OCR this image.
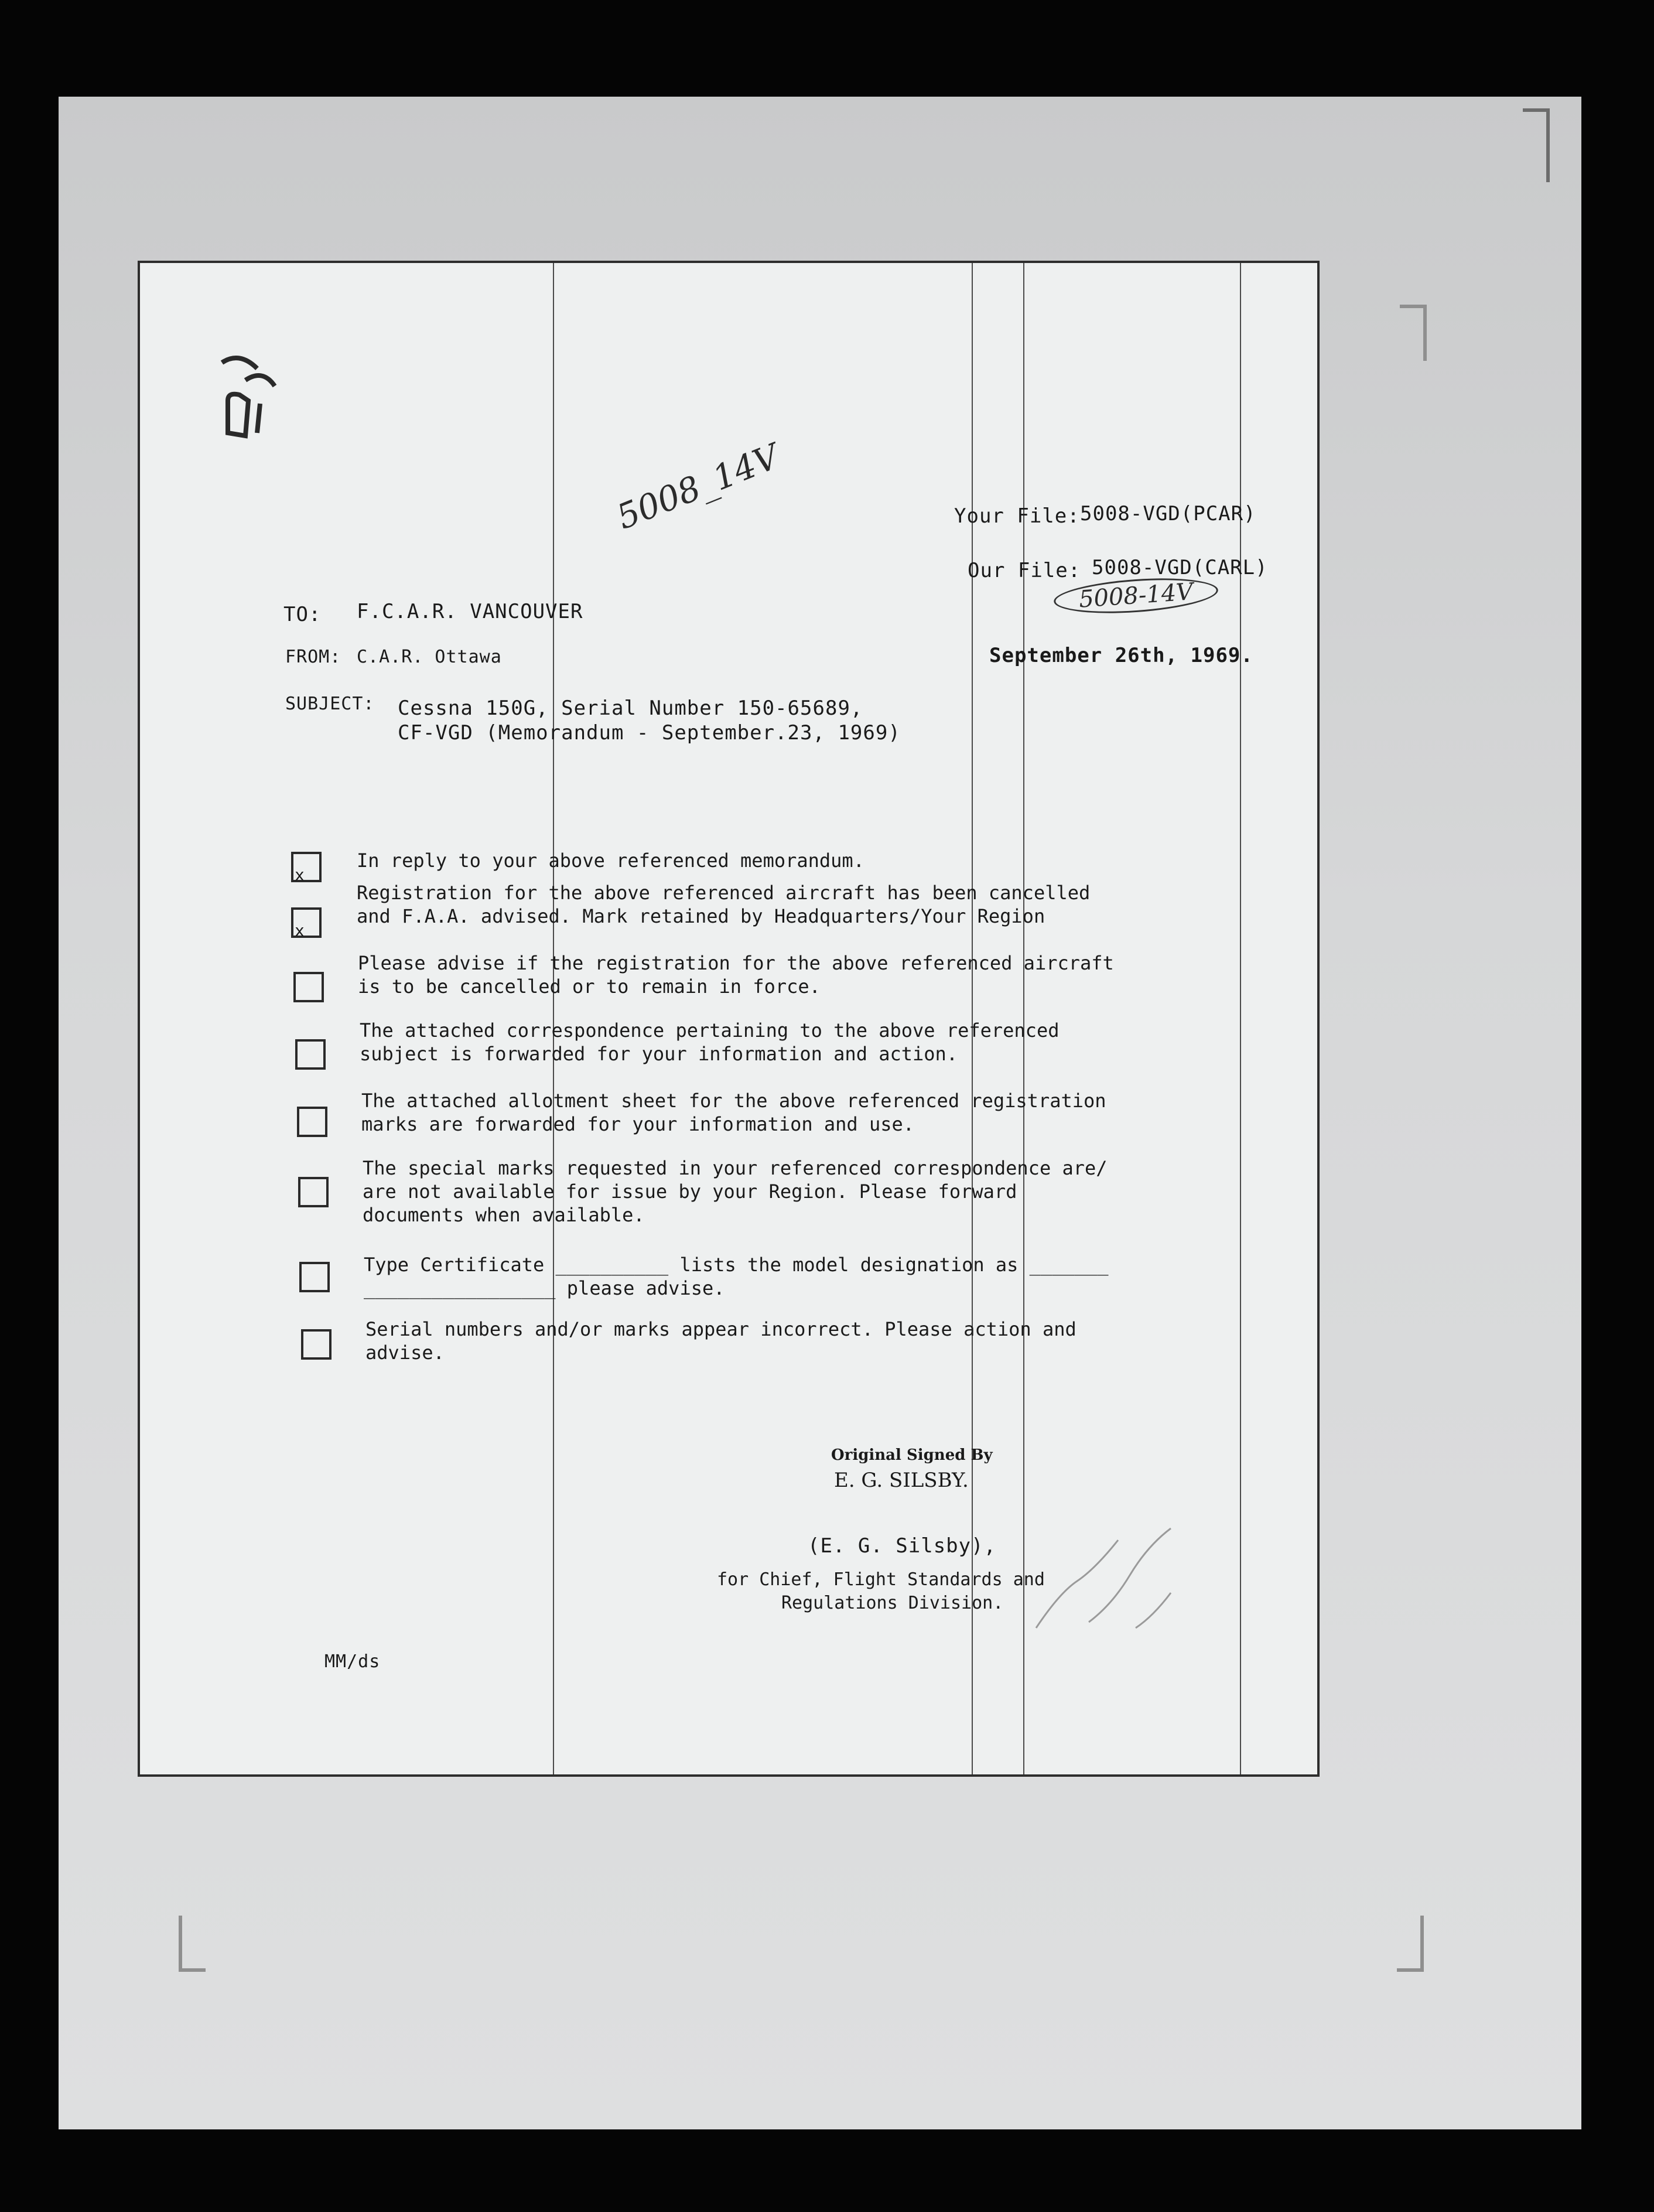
5008_14V	Your File: 5008-VGD(PCAR)
Our File: 5008-VGD(CARL)
5008-14V
TO: F.C.A.R. VANCOUVER
September 26th, 1969.
FROM: C.A.R. Ottawa
SUBJECT: Cessna 150G, Serial Number 150-65689,
CF-VGD (Memorandum - September.23, 1969)
x
In reply to your above referenced memorandum.
x
Registration for the above referenced aircraft has been cancelled
and F.A.A. advised. Mark retained by Headquarters/Your Region
Please advise if the registration for the above referenced aircraft
is to be cancelled or to remain in force.
The attached correspondence pertaining to the above referenced
subject is forwarded for your information and action.
The attached allotment sheet for the above referenced registration
marks are forwarded for your information and use.
The special marks requested in your referenced correspondence are/
are not available for issue by your Region. Please forward
documents when available.
Type Certificate __________ lists the model designation as _______
_________________ please advise.
Serial numbers and/or marks appear incorrect. Please action and
advise.
Original Signed By
E. G. SILSBY.
(E. G. Silsby),
for Chief, Flight Standards and
Regulations Division.
MM/ds
